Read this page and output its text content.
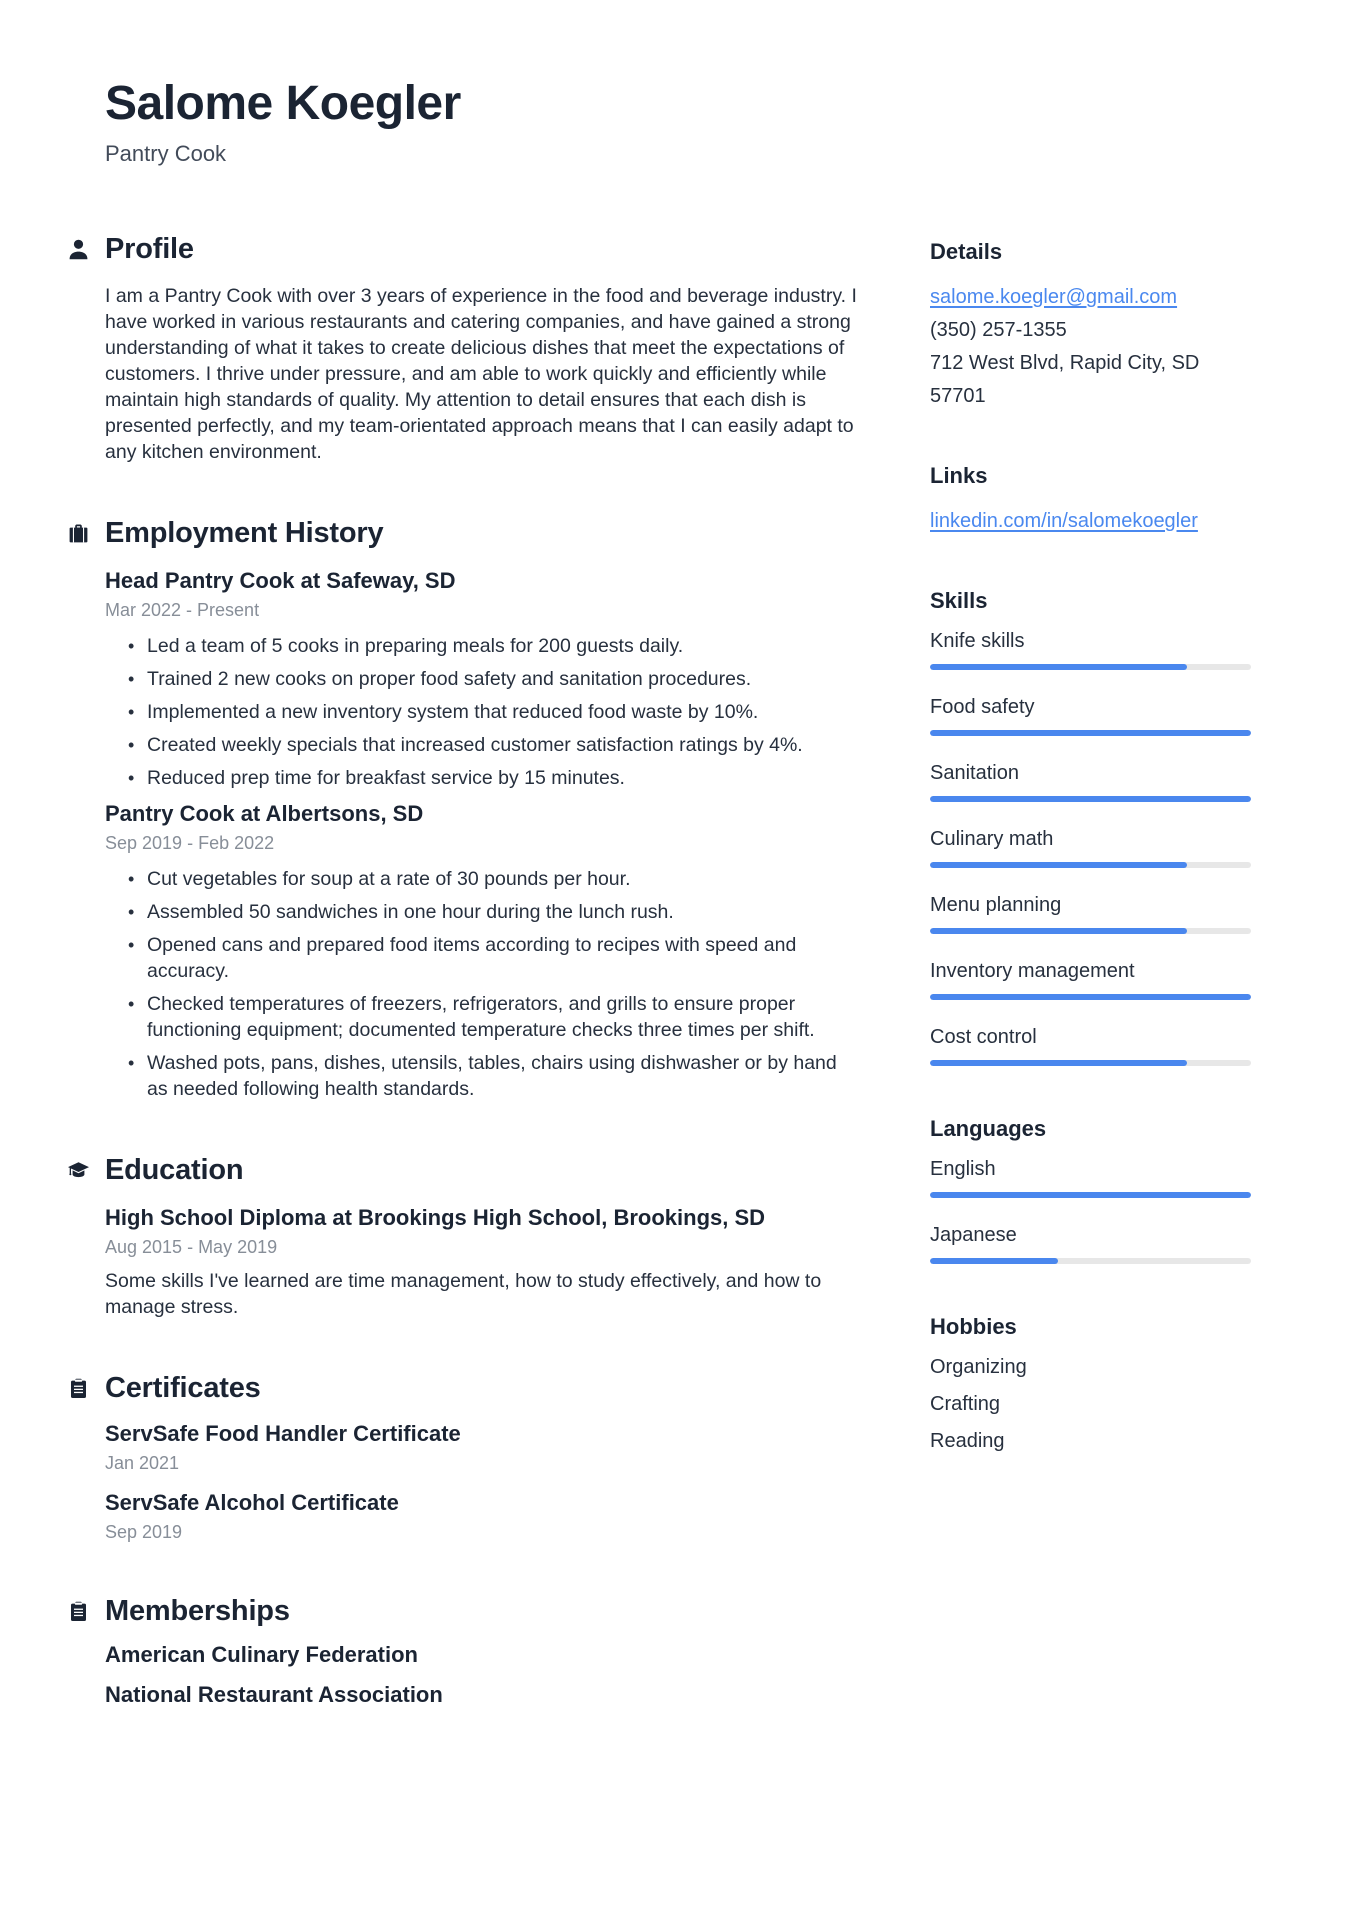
Salome Koegler
Pantry Cook
Profile

I am a Pantry Cook with over 3 years of experience in the food and beverage industry. I have worked in various restaurants and catering companies, and have gained a strong understanding of what it takes to create delicious dishes that meet the expectations of customers. I thrive under pressure, and am able to work quickly and efficiently while maintain high standards of quality. My attention to detail ensures that each dish is presented perfectly, and my team-orientated approach means that I can easily adapt to any kitchen environment.

Employment History
Head Pantry Cook at Safeway, SD
Mar 2022 - Present
• Led a team of 5 cooks in preparing meals for 200 guests daily.
• Trained 2 new cooks on proper food safety and sanitation procedures.
• Implemented a new inventory system that reduced food waste by 10%.
• Created weekly specials that increased customer satisfaction ratings by 4%.
• Reduced prep time for breakfast service by 15 minutes.
Pantry Cook at Albertsons, SD
Sep 2019 - Feb 2022
• Cut vegetables for soup at a rate of 30 pounds per hour.
• Assembled 50 sandwiches in one hour during the lunch rush.
• Opened cans and prepared food items according to recipes with speed and accuracy.
• Checked temperatures of freezers, refrigerators, and grills to ensure proper functioning equipment; documented temperature checks three times per shift.
• Washed pots, pans, dishes, utensils, tables, chairs using dishwasher or by hand as needed following health standards.
Education
High School Diploma at Brookings High School, Brookings, SD
Aug 2015 - May 2019

Some skills I've learned are time management, how to study effectively, and how to manage stress.

Certificates
ServSafe Food Handler Certificate
Jan 2021
ServSafe Alcohol Certificate
Sep 2019
Memberships
American Culinary Federation
National Restaurant Association
Details
salome.koegler@gmail.com
(350) 257-1355
712 West Blvd, Rapid City, SD 57701
Links
linkedin.com/in/salomekoegler
Skills
Knife skills
Food safety
Sanitation
Culinary math
Menu planning
Inventory management
Cost control
Languages
English
Japanese
Hobbies
Organizing
Crafting
Reading
